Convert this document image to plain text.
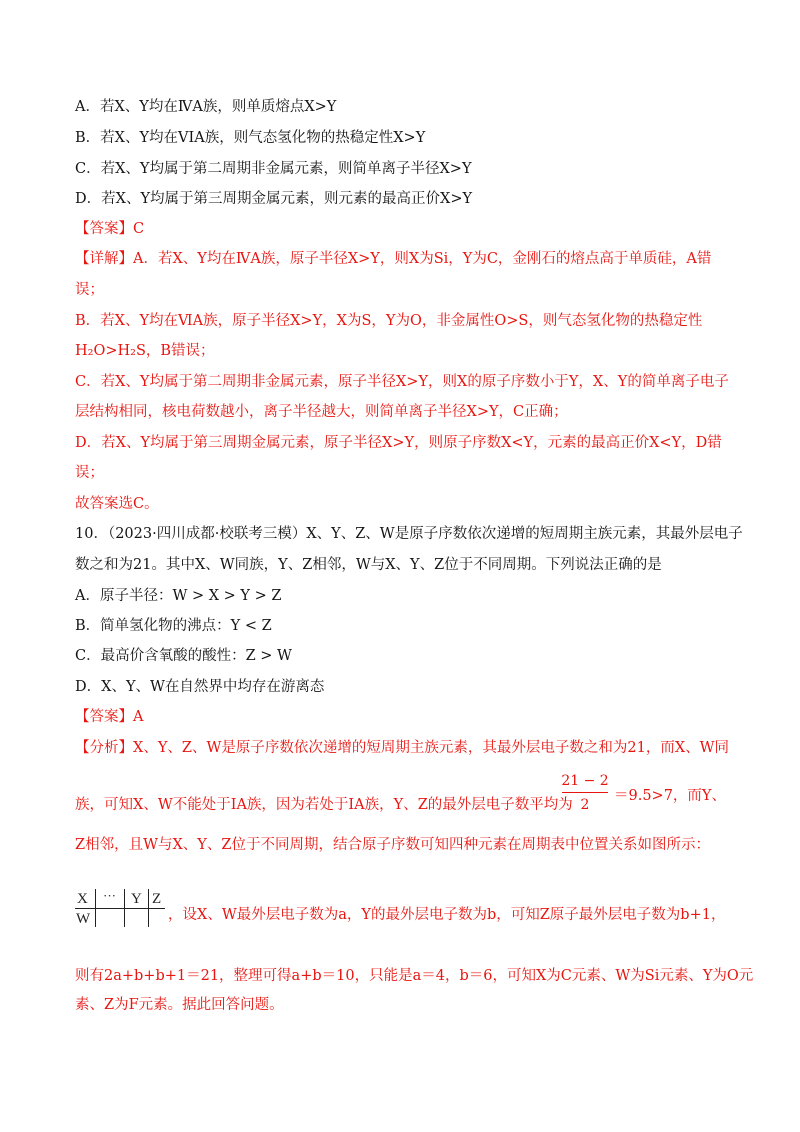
A．若X、Y均在ⅣA族，则单质熔点X>Y
B．若X、Y均在VIA族，则气态氢化物的热稳定性X>Y
C．若X、Y均属于第二周期非金属元素，则简单离子半径X>Y
D．若X、Y均属于第三周期金属元素，则元素的最高正价X>Y
【答案】C
【详解】A．若X、Y均在ⅣA族，原子半径X>Y，则X为Si，Y为C，金刚石的熔点高于单质硅，A错
误；
B．若X、Y均在ⅥA族，原子半径X>Y，X为S，Y为O，非金属性O>S，则气态氢化物的热稳定性
H₂O>H₂S，B错误；
C．若X、Y均属于第二周期非金属元素，原子半径X>Y，则X的原子序数小于Y，X、Y的简单离子电子
层结构相同，核电荷数越小，离子半径越大，则简单离子半径X>Y，C正确；
D．若X、Y均属于第三周期金属元素，原子半径X>Y，则原子序数X<Y，元素的最高正价X<Y，D错
误；
故答案选C。
10．（2023·四川成都·校联考三模）X、Y、Z、W是原子序数依次递增的短周期主族元素，其最外层电子
数之和为21。其中X、W同族，Y、Z相邻，W与X、Y、Z位于不同周期。下列说法正确的是
A．原子半径：W > X > Y > Z
B．简单氢化物的沸点：Y < Z
C．最高价含氧酸的酸性：Z > W
D．X、Y、W在自然界中均存在游离态
【答案】A
【分析】X、Y、Z、W是原子序数依次递增的短周期主族元素，其最外层电子数之和为21，而X、W同
族，可知X、W不能处于IA族，因为若处于IA族，Y、Z的最外层电子数平均为
21 − 2
2
＝9.5>7，而Y、
Z相邻，且W与X、Y、Z位于不同周期，结合原子序数可知四种元素在周期表中位置关系如图所示：
X ··· Y Z
W	，设X、W最外层电子数为a，Y的最外层电子数为b，可知Z原子最外层电子数为b+1，
则有2a+b+b+1＝21，整理可得a+b＝10，只能是a＝4，b＝6，可知X为C元素、W为Si元素、Y为O元
素、Z为F元素。据此回答问题。
